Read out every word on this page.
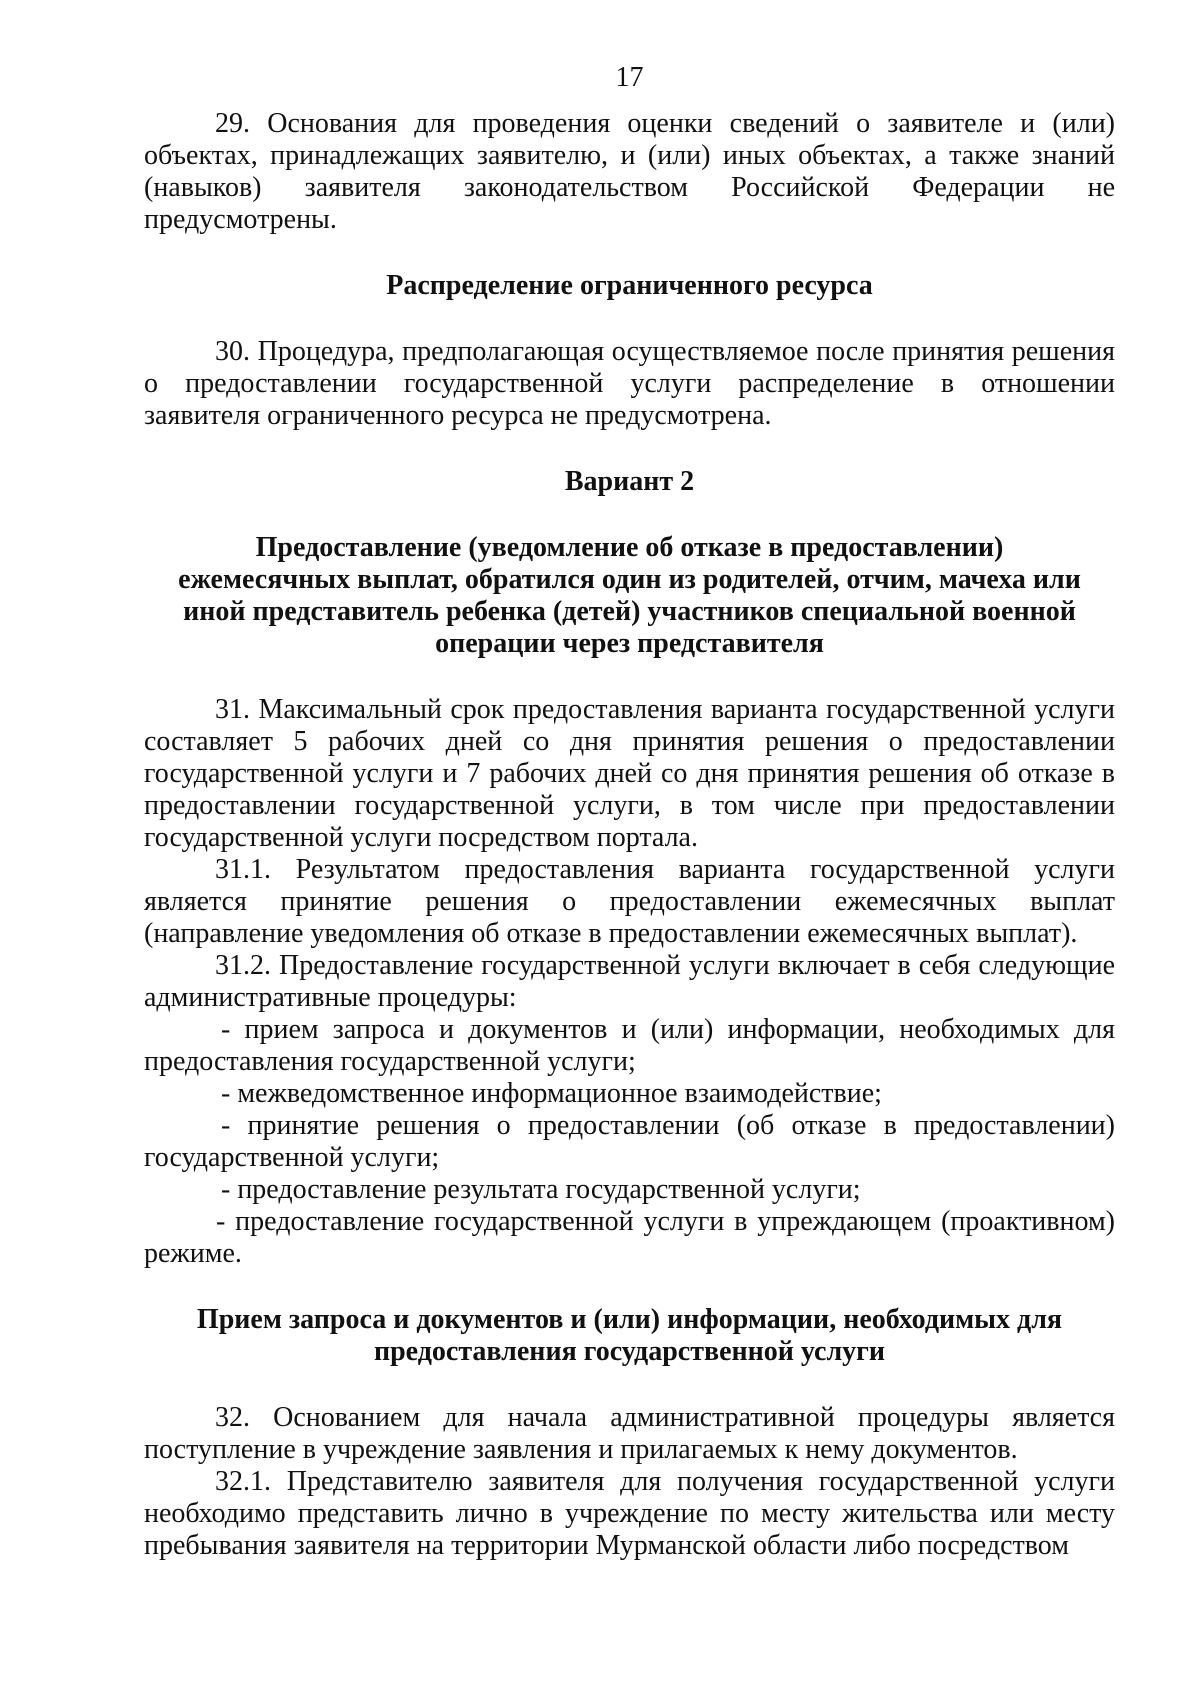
17

29. Основания для проведения оценки сведений о заявителе и (или) объектах, принадлежащих заявителю, и (или) иных объектах, а также знаний (навыков) заявителя законодательством Российской Федерации не предусмотрены.

Распределение ограниченного ресурса

30. Процедура, предполагающая осуществляемое после принятия решения о предоставлении государственной услуги распределение в отношении заявителя ограниченного ресурса не предусмотрена.

Вариант 2
Предоставление (уведомление об отказе в предоставлении) ежемесячных выплат, обратился один из родителей, отчим, мачеха или иной представитель ребенка (детей) участников специальной военной операции через представителя

31. Максимальный срок предоставления варианта государственной услуги составляет 5 рабочих дней со дня принятия решения о предоставлении государственной услуги и 7 рабочих дней со дня принятия решения об отказе в предоставлении государственной услуги, в том числе при предоставлении государственной услуги посредством портала.

31.1. Результатом предоставления варианта государственной услуги является принятие решения о предоставлении ежемесячных выплат (направление уведомления об отказе в предоставлении ежемесячных выплат).

31.2. Предоставление государственной услуги включает в себя следующие административные процедуры:

- прием запроса и документов и (или) информации, необходимых для предоставления государственной услуги;

- межведомственное информационное взаимодействие;

- принятие решения о предоставлении (об отказе в предоставлении) государственной услуги;

- предоставление результата государственной услуги;

- предоставление государственной услуги в упреждающем (проактивном) режиме.

Прием запроса и документов и (или) информации, необходимых для предоставления государственной услуги

32. Основанием для начала административной процедуры является поступление в учреждение заявления и прилагаемых к нему документов.

32.1. Представителю заявителя для получения государственной услуги необходимо представить лично в учреждение по месту жительства или месту пребывания заявителя на территории Мурманской области либо посредством
